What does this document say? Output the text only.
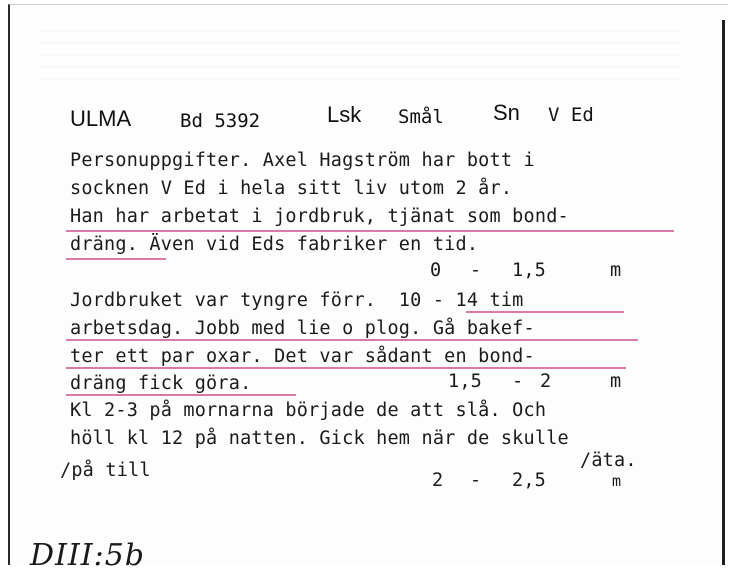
ULMA	Bd 5392	Lsk Smål Sn V Ed
Personuppgifter. Axel Hagström har bott i
socknen V Ed i hela sitt liv utom 2 år.
Han har arbetat i jordbruk, tjänat som bond-
dräng. Även vid Eds fabriker en tid.
0 - 1,5	m
Jordbruket var tyngre förr.  10 - 14 tim
arbetsdag. Jobb med lie o plog. Gå bakef-
ter ett par oxar. Det var sådant en bond-
dräng fick göra.	1,5 - 2	m
Kl 2-3 på mornarna började de att slå. Och
höll kl 12 på natten. Gick hem när de skulle
/på till	/äta.
2 - 2,5	m
DIII:5b
